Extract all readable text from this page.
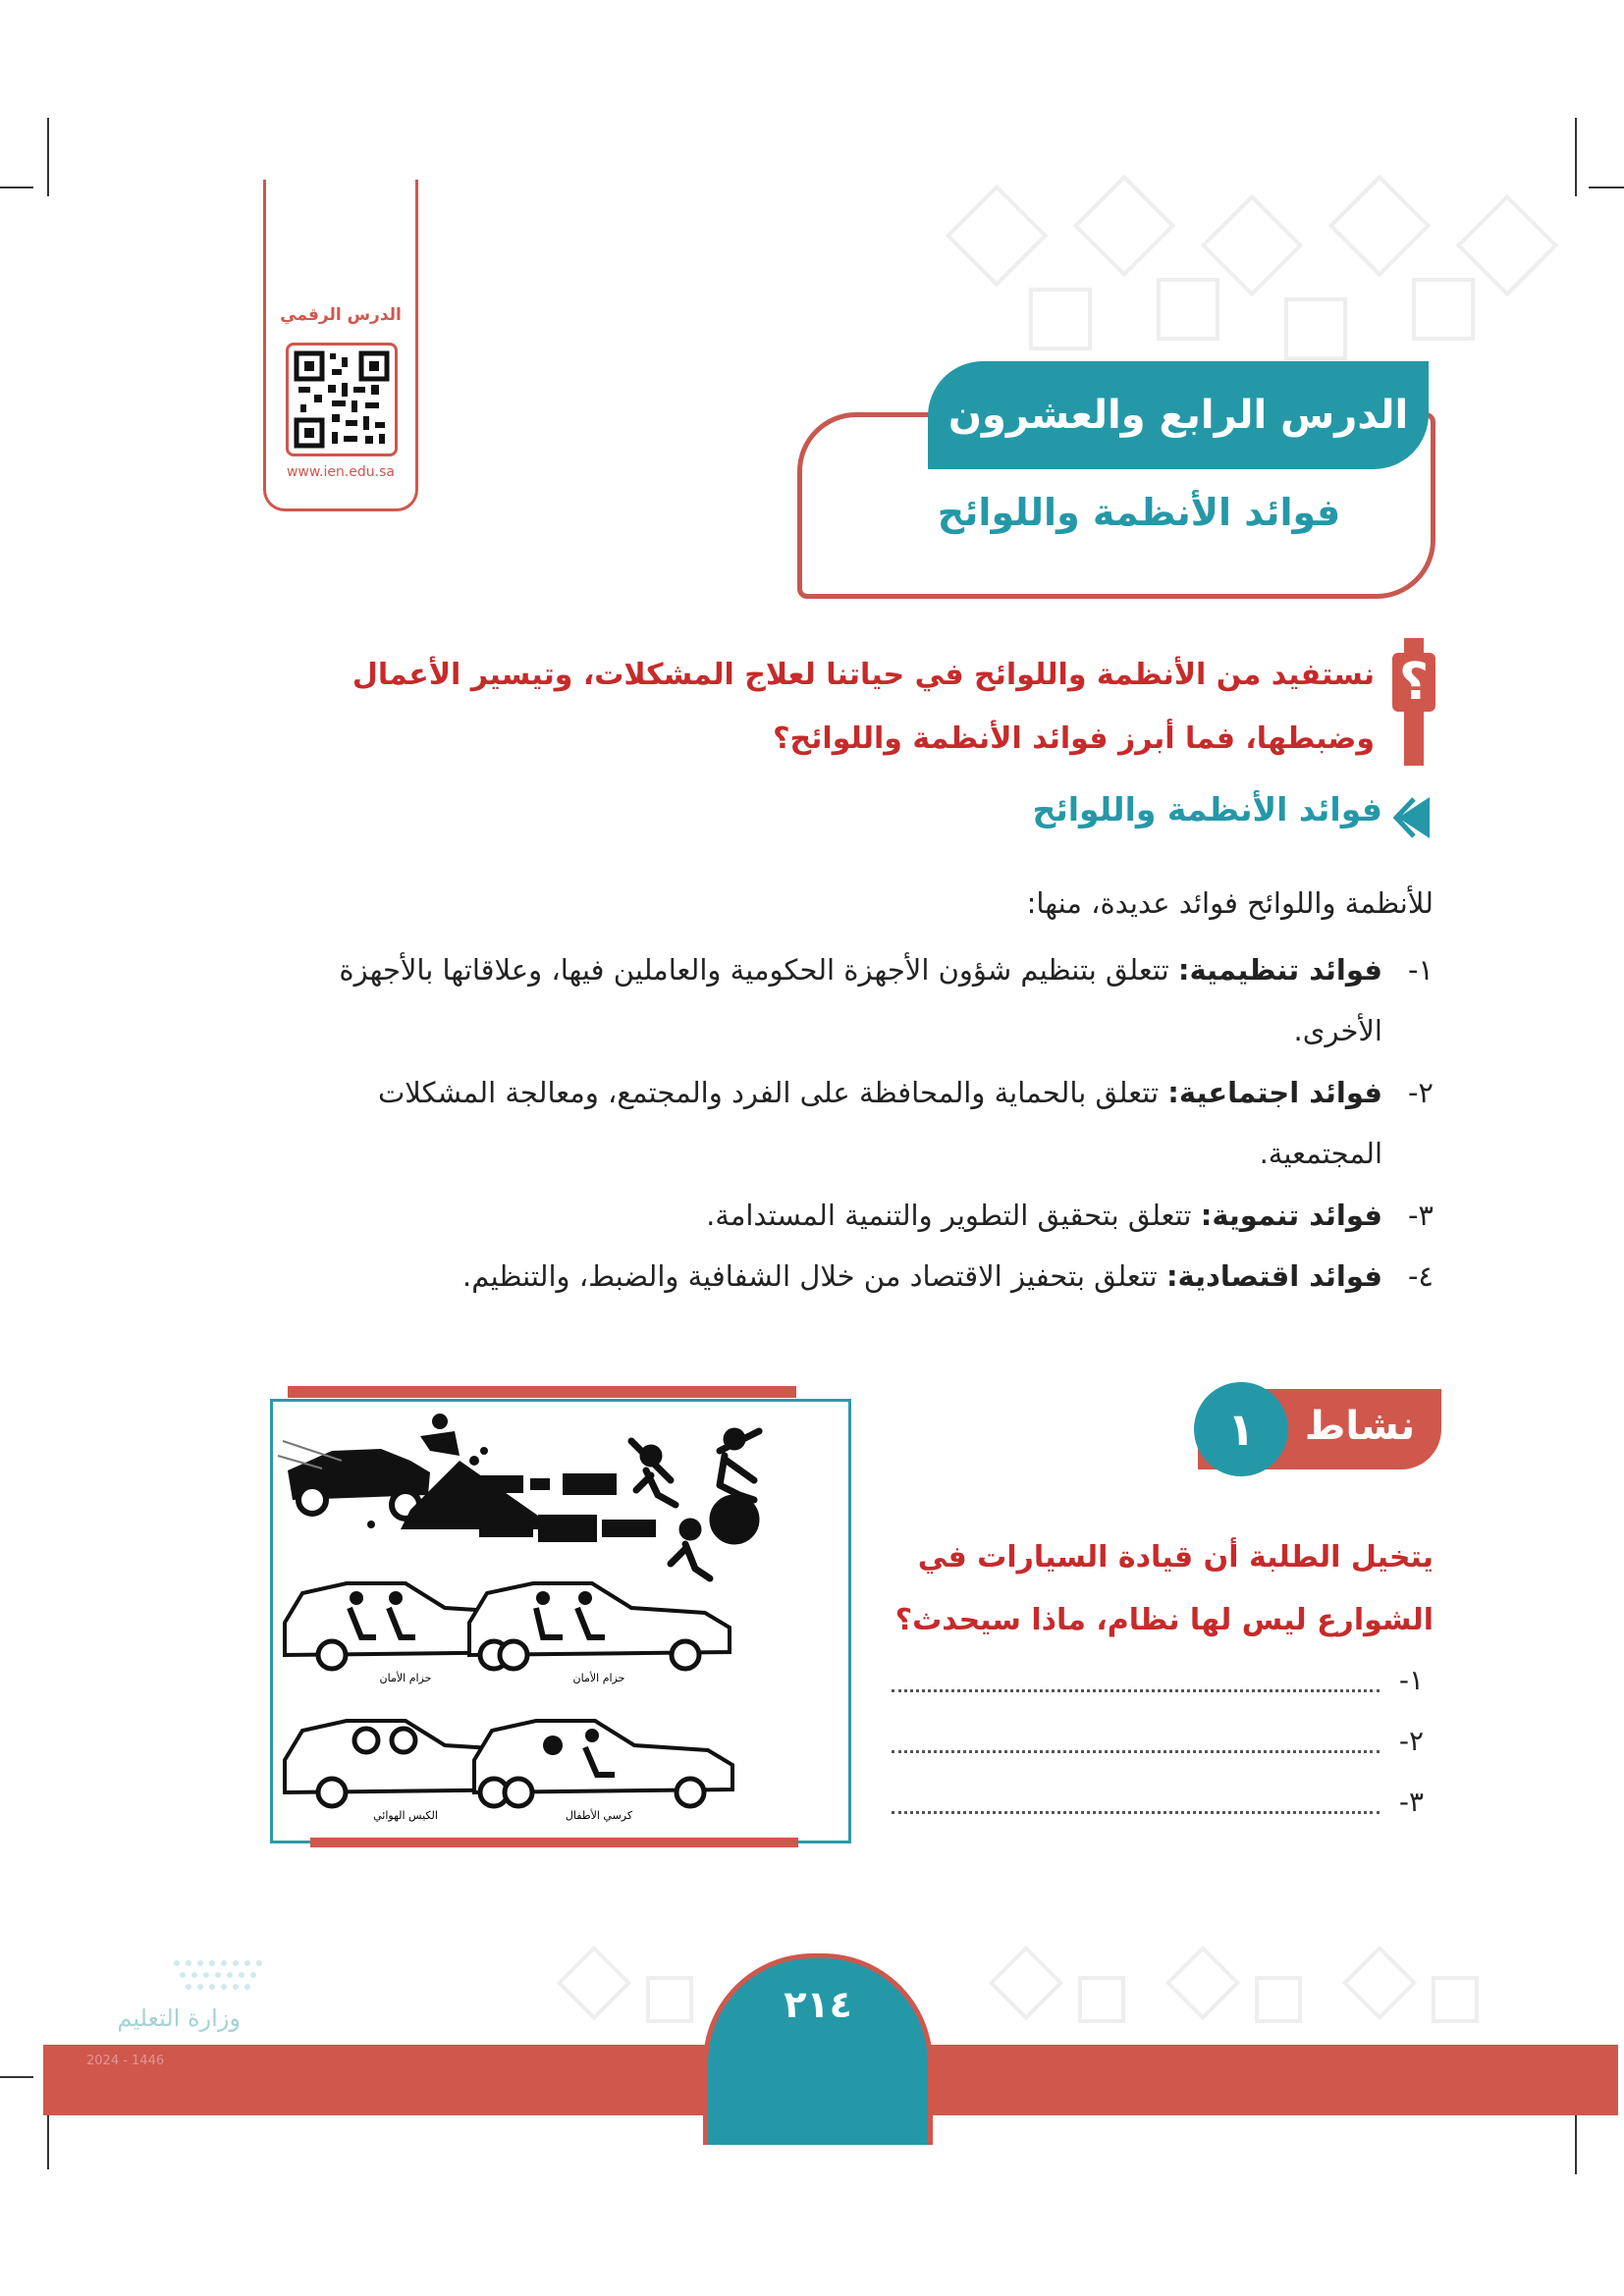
الدرس الرقمي
www.ien.edu.sa
الدرس الرابع والعشرون
فوائد الأنظمة واللوائح
؟
نستفيد من الأنظمة واللوائح في حياتنا لعلاج المشكلات، وتيسير الأعمال وضبطها، فما أبرز فوائد الأنظمة واللوائح؟
فوائد الأنظمة واللوائح
للأنظمة واللوائح فوائد عديدة، منها:
١-
فوائد تنظيمية: تتعلق بتنظيم شؤون الأجهزة الحكومية والعاملين فيها، وعلاقاتها بالأجهزة الأخرى.
٢-
فوائد اجتماعية: تتعلق بالحماية والمحافظة على الفرد والمجتمع، ومعالجة المشكلات المجتمعية.
٣-
فوائد تنموية: تتعلق بتحقيق التطوير والتنمية المستدامة.
٤-
فوائد اقتصادية: تتعلق بتحفيز الاقتصاد من خلال الشفافية والضبط، والتنظيم.
نشاط
١
يتخيل الطلبة أن قيادة السيارات في الشوارع ليس لها نظام، ماذا سيحدث؟
١-
٢-
٣-
حزام الأمان	حزام الأمان
الكيس الهوائي	كرسي الأطفال
وزارة التعليم
2024 - 1446
٢١٤
